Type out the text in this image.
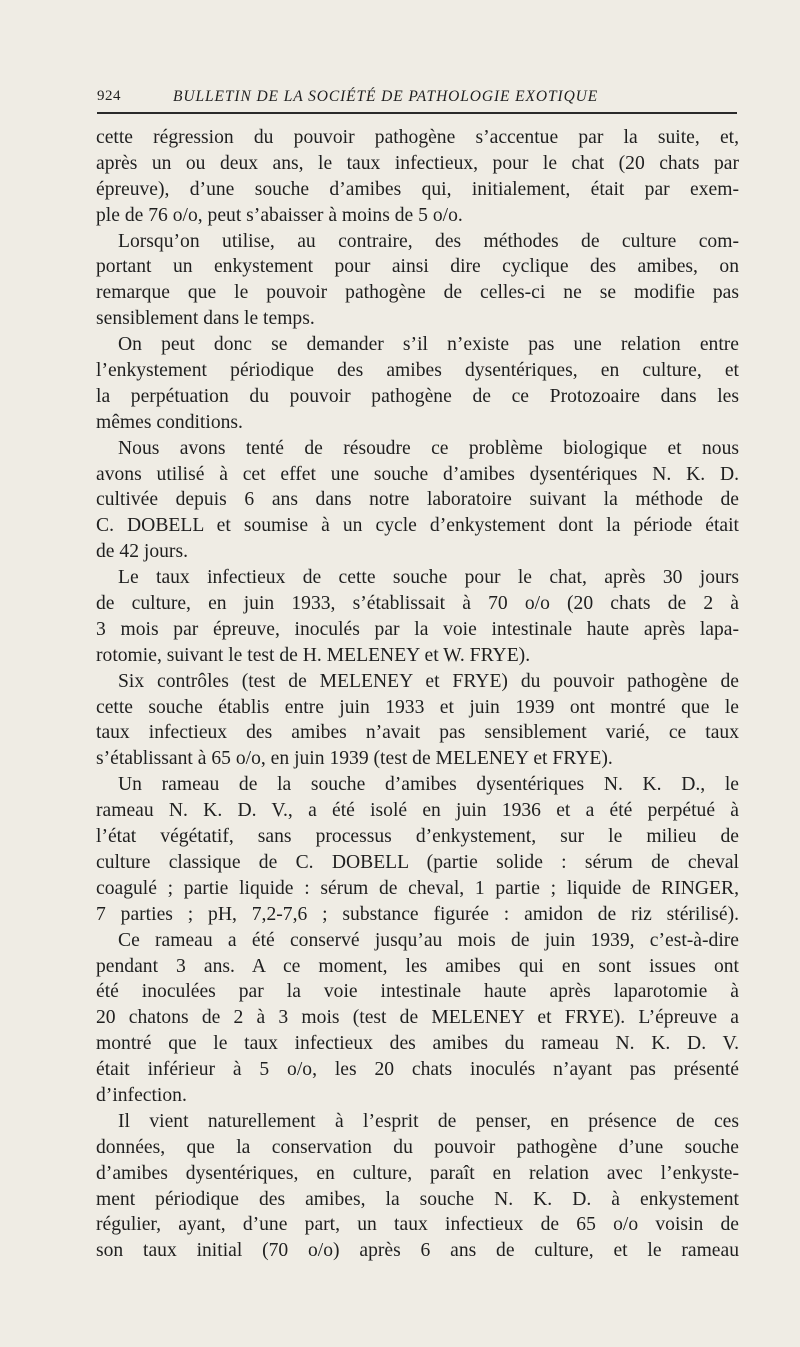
924	BULLETIN DE LA SOCIÉTÉ DE PATHOLOGIE EXOTIQUE
cette régression du pouvoir pathogène s’accentue par la suite, et,
après un ou deux ans, le taux infectieux, pour le chat (20 chats par
épreuve), d’une souche d’amibes qui, initialement, était par exem-
ple de 76 o/o, peut s’abaisser à moins de 5 o/o.
Lorsqu’on utilise, au contraire, des méthodes de culture com-
portant un enkystement pour ainsi dire cyclique des amibes, on
remarque que le pouvoir pathogène de celles-ci ne se modifie pas
sensiblement dans le temps.
On peut donc se demander s’il n’existe pas une relation entre
l’enkystement périodique des amibes dysentériques, en culture, et
la perpétuation du pouvoir pathogène de ce Protozoaire dans les
mêmes conditions.
Nous avons tenté de résoudre ce problème biologique et nous
avons utilisé à cet effet une souche d’amibes dysentériques N. K. D.
cultivée depuis 6 ans dans notre laboratoire suivant la méthode de
C. DOBELL et soumise à un cycle d’enkystement dont la période était
de 42 jours.
Le taux infectieux de cette souche pour le chat, après 30 jours
de culture, en juin 1933, s’établissait à 70 o/o (20 chats de 2 à
3 mois par épreuve, inoculés par la voie intestinale haute après lapa-
rotomie, suivant le test de H. MELENEY et W. FRYE).
Six contrôles (test de MELENEY et FRYE) du pouvoir pathogène de
cette souche établis entre juin 1933 et juin 1939 ont montré que le
taux infectieux des amibes n’avait pas sensiblement varié, ce taux
s’établissant à 65 o/o, en juin 1939 (test de MELENEY et FRYE).
Un rameau de la souche d’amibes dysentériques N. K. D., le
rameau N. K. D. V., a été isolé en juin 1936 et a été perpétué à
l’état végétatif, sans processus d’enkystement, sur le milieu de
culture classique de C. DOBELL (partie solide : sérum de cheval
coagulé ; partie liquide : sérum de cheval, 1 partie ; liquide de RINGER,
7 parties ; pH, 7,2-7,6 ; substance figurée : amidon de riz stérilisé).
Ce rameau a été conservé jusqu’au mois de juin 1939, c’est-à-dire
pendant 3 ans. A ce moment, les amibes qui en sont issues ont
été inoculées par la voie intestinale haute après laparotomie à
20 chatons de 2 à 3 mois (test de MELENEY et FRYE). L’épreuve a
montré que le taux infectieux des amibes du rameau N. K. D. V.
était inférieur à 5 o/o, les 20 chats inoculés n’ayant pas présenté
d’infection.
Il vient naturellement à l’esprit de penser, en présence de ces
données, que la conservation du pouvoir pathogène d’une souche
d’amibes dysentériques, en culture, paraît en relation avec l’enkyste-
ment périodique des amibes, la souche N. K. D. à enkystement
régulier, ayant, d’une part, un taux infectieux de 65 o/o voisin de
son taux initial (70 o/o) après 6 ans de culture, et le rameau
